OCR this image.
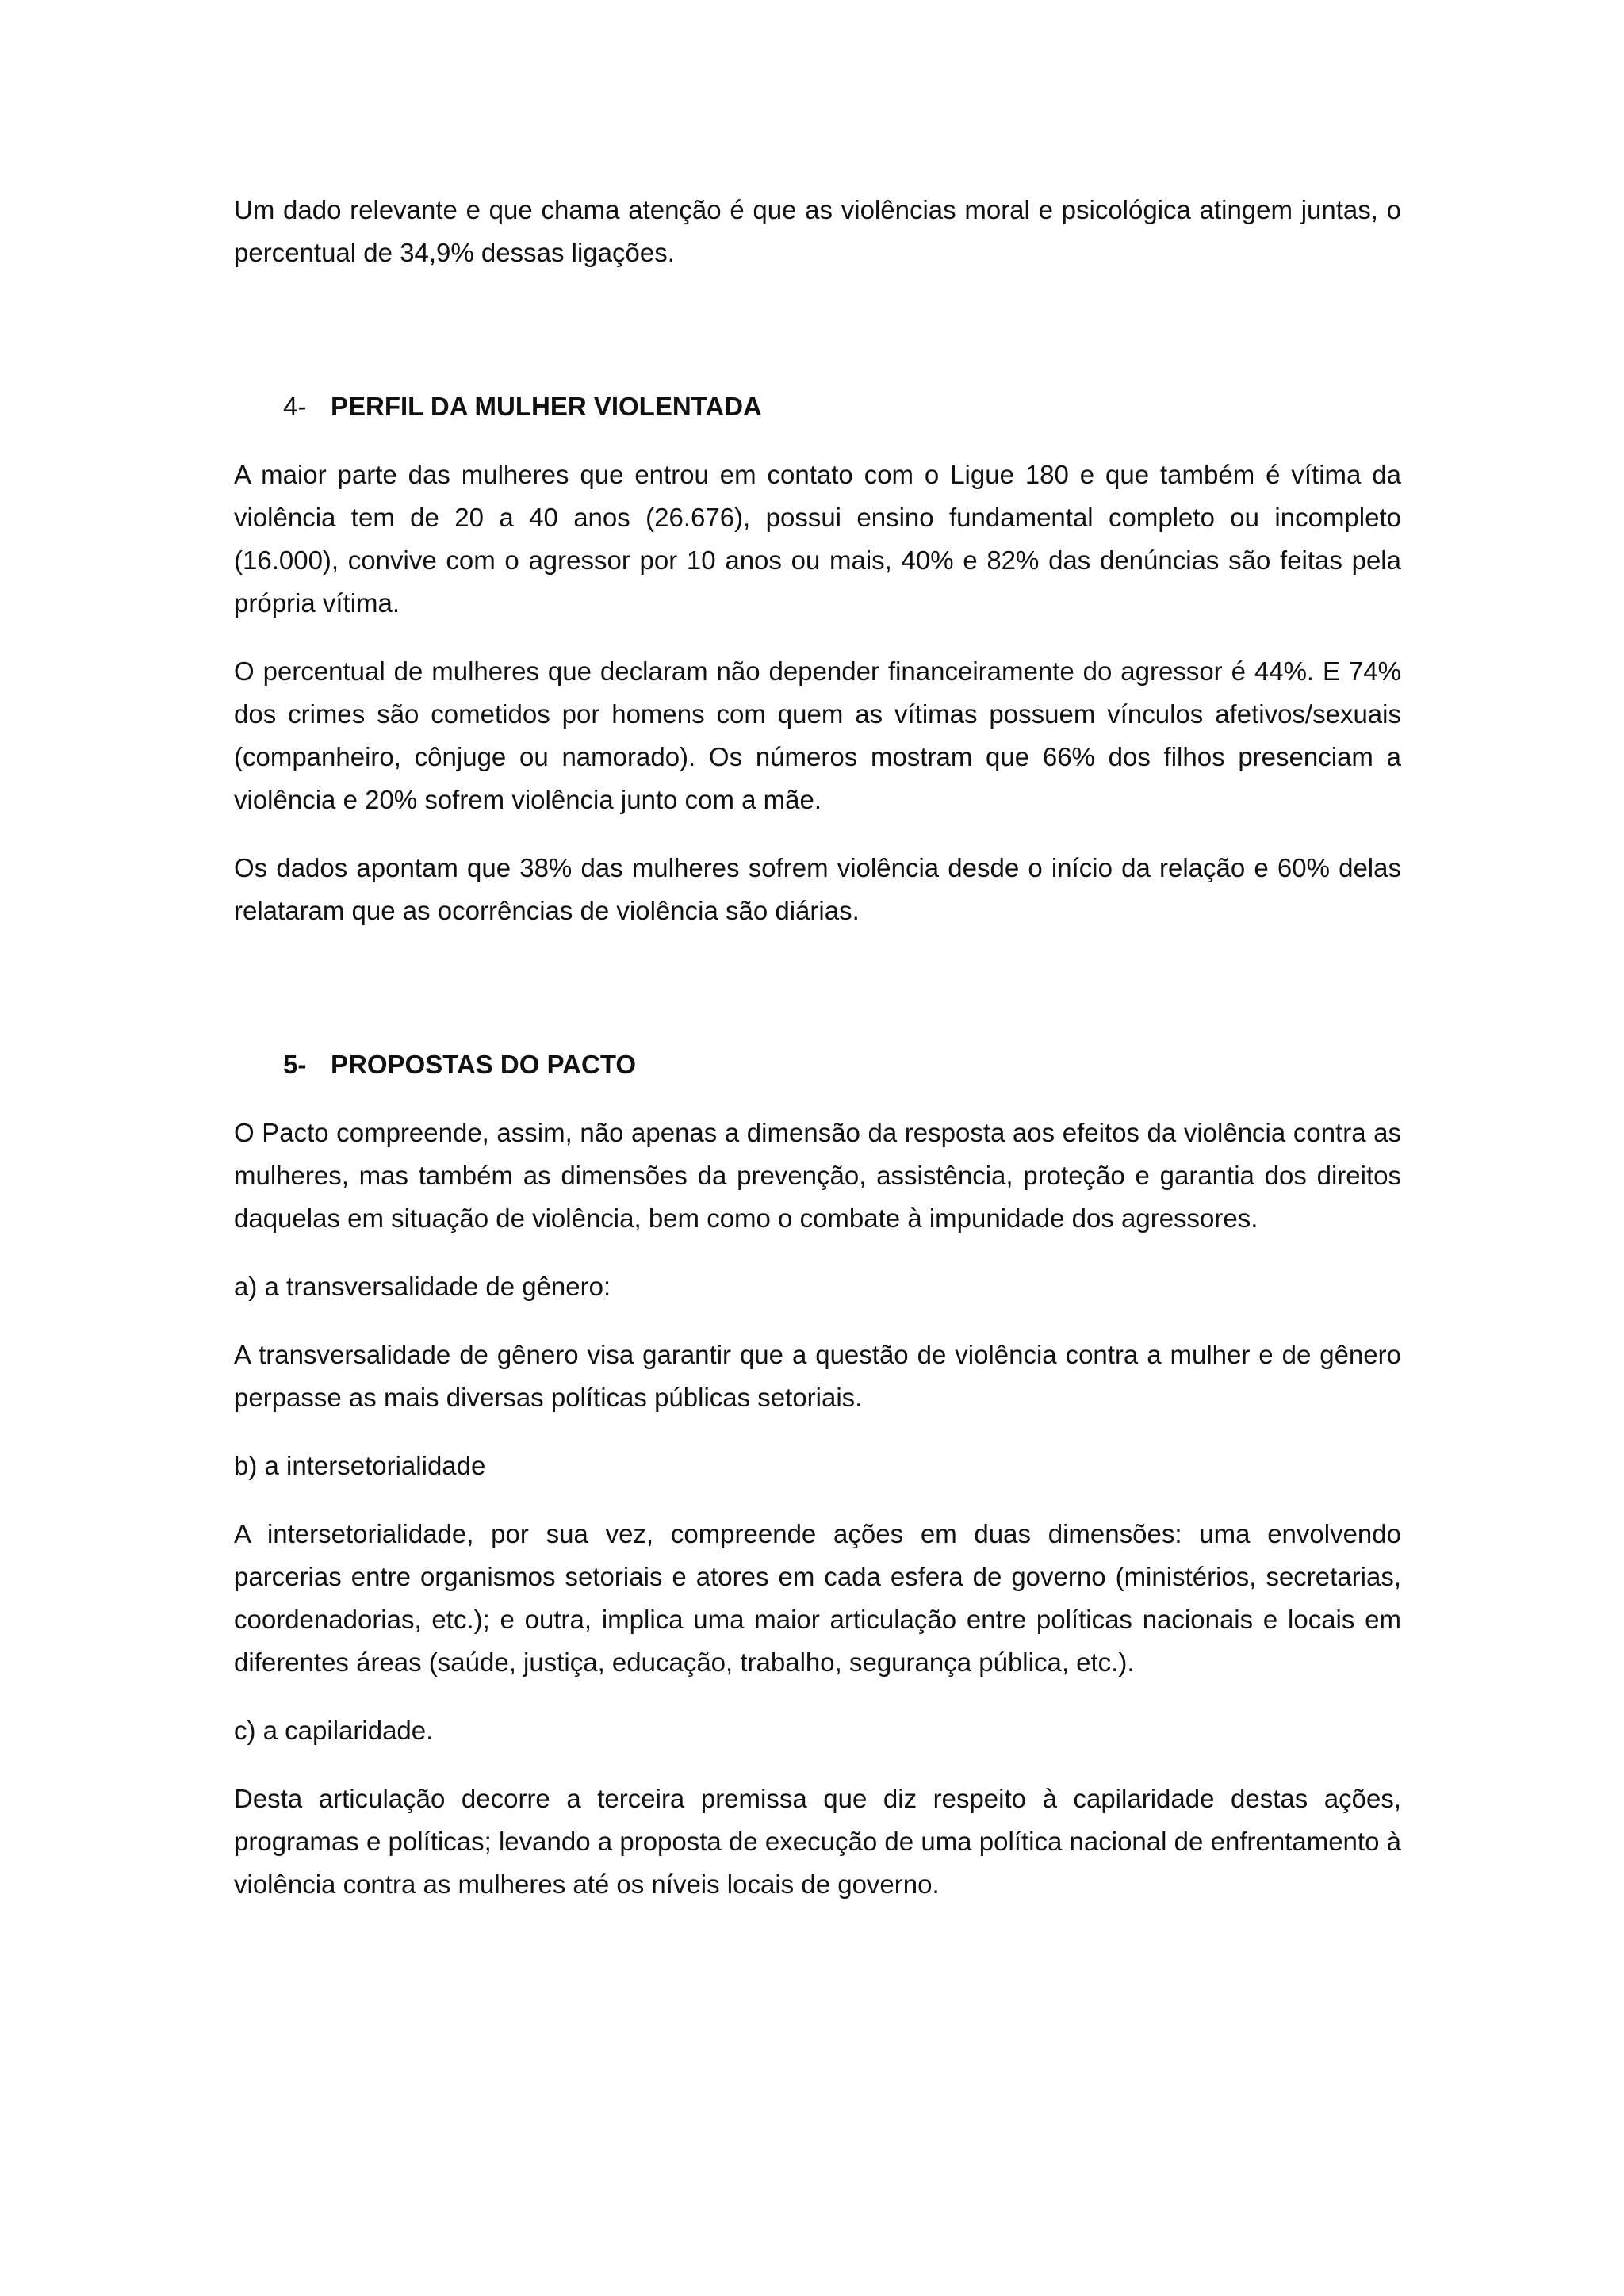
Um dado relevante e que chama atenção é que as violências moral e psicológica atingem juntas, o percentual de 34,9% dessas ligações.

4- PERFIL DA MULHER VIOLENTADA

A maior parte das mulheres que entrou em contato com o Ligue 180 e que também é vítima da violência tem de 20 a 40 anos (26.676), possui ensino fundamental completo ou incompleto (16.000), convive com o agressor por 10 anos ou mais, 40% e 82% das denúncias são feitas pela própria vítima.

O percentual de mulheres que declaram não depender financeiramente do agressor é 44%. E 74% dos crimes são cometidos por homens com quem as vítimas possuem vínculos afetivos/sexuais (companheiro, cônjuge ou namorado). Os números mostram que 66% dos filhos presenciam a violência e 20% sofrem violência junto com a mãe.

Os dados apontam que 38% das mulheres sofrem violência desde o início da relação e 60% delas relataram que as ocorrências de violência são diárias.

5- PROPOSTAS DO PACTO

O Pacto compreende, assim, não apenas a dimensão da resposta aos efeitos da violência contra as mulheres, mas também as dimensões da prevenção, assistência, proteção e garantia dos direitos daquelas em situação de violência, bem como o combate à impunidade dos agressores.

a) a transversalidade de gênero:

A transversalidade de gênero visa garantir que a questão de violência contra a mulher e de gênero perpasse as mais diversas políticas públicas setoriais.

b) a intersetorialidade

A intersetorialidade, por sua vez, compreende ações em duas dimensões: uma envolvendo parcerias entre organismos setoriais e atores em cada esfera de governo (ministérios, secretarias, coordenadorias, etc.); e outra, implica uma maior articulação entre políticas nacionais e locais em diferentes áreas (saúde, justiça, educação, trabalho, segurança pública, etc.).

c) a capilaridade.

Desta articulação decorre a terceira premissa que diz respeito à capilaridade destas ações, programas e políticas; levando a proposta de execução de uma política nacional de enfrentamento à violência contra as mulheres até os níveis locais de governo.
